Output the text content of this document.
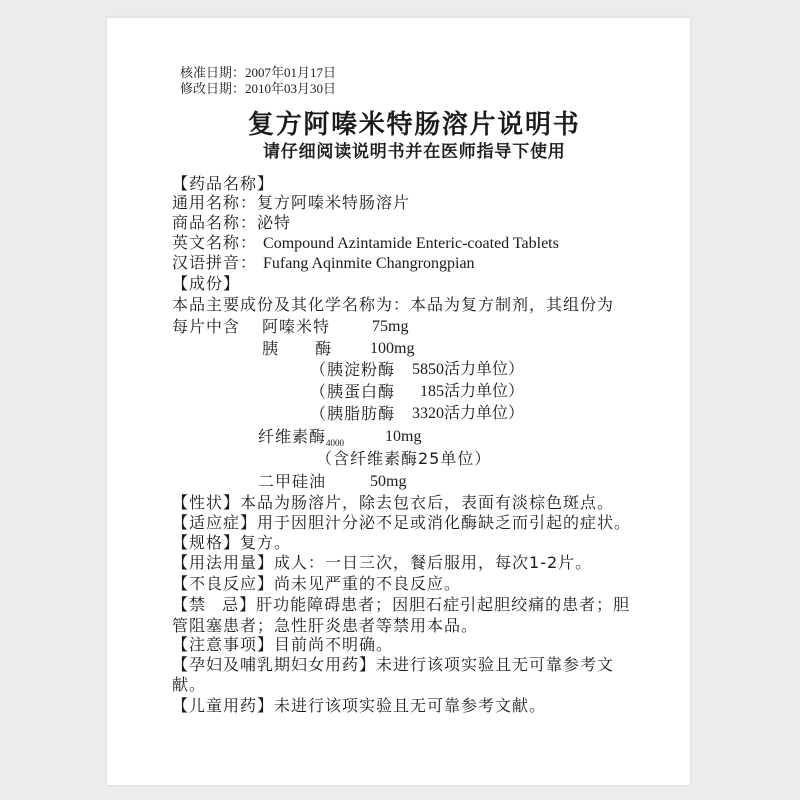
核准日期：2007年01月17日
修改日期：2010年03月30日
复方阿嗪米特肠溶片说明书
请仔细阅读说明书并在医师指导下使用
【药品名称】
通用名称：复方阿嗪米特肠溶片
商品名称：泌特
英文名称： Compound Azintamide Enteric-coated Tablets
汉语拼音： Fufang Aqinmite Changrongpian
【成份】
本品主要成份及其化学名称为：本品为复方制剂，其组份为
每片中含 阿嗪米特	75mg
胰 酶 100mg
（胰淀粉酶 5850活力单位）
（胰蛋白酶 185活力单位）
（胰脂肪酶 3320活力单位）
纤维素酶$_{4000}$	10mg
（含纤维素酶25单位）
二甲硅油	50mg
【性状】本品为肠溶片，除去包衣后，表面有淡棕色斑点。
【适应症】用于因胆汁分泌不足或消化酶缺乏而引起的症状。
【规格】复方。
【用法用量】成人：一日三次，餐后服用，每次1-2片。
【不良反应】尚未见严重的不良反应。
【禁 忌】肝功能障碍患者；因胆石症引起胆绞痛的患者；胆
管阻塞患者；急性肝炎患者等禁用本品。
【注意事项】目前尚不明确。
【孕妇及哺乳期妇女用药】未进行该项实验且无可靠参考文
献。
【儿童用药】未进行该项实验且无可靠参考文献。
